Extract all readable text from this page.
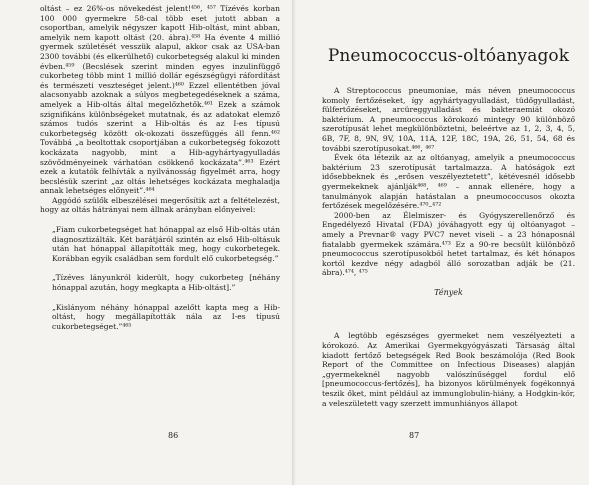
oltást – ez 26%-os növekedést jelent!⁴⁵⁶, ⁴⁵⁷ Tízévés korban 100 000 gyermekre 58-cal több eset jutott abban a csoportban, amelyik négyszer kapott Hib-oltást, mint abban, amelyik nem kapott oltást (20. ábra).⁴⁵⁸ Ha évente 4 millió gyermek születését vesszük alapul, akkor csak az USA-ban 2300 további (és elkerülhető) cukorbetegség alakul ki minden évben.⁴⁵⁹ (Becslések szerint minden egyes inzulinfüggő cukorbeteg több mint 1 millió dollár egészségügyi ráfordítást és természeti veszteséget jelent.)⁴⁶⁰ Ezzel ellentétben jóval alacsonyabb azoknak a súlyos megbetegedéseknek a száma, amelyek a Hib-oltás által megelőzhetők.⁴⁶¹ Ezek a számok szignifikáns különbségeket mutatnak, és az adatokat elemző számos tudós szerint a Hib-oltás és az I-es típusú cukorbetegség között ok-okozati összefüggés áll fenn.⁴⁶² Továbbá „a beoltottak csoportjában a cukorbetegség fokozott kockázata nagyobb, mint a Hib-agyhártyagyulladás szövődményeinek várhatóan csökkenő kockázata”.⁴⁶³ Ezért ezek a kutatók felhívták a nyilvánosság figyelmét arra, hogy becslésük szerint „az oltás lehetséges kockázata meghaladja annak lehetséges előnyeit”.⁴⁶⁴

Aggódó szülők elbeszélései megerősítik azt a feltételezést, hogy az oltás hátrányai nem állnak arányban előnyeivel:

„Fiam cukorbetegséget hat hónappal az első Hib-oltás után diagnosztizálták. Két barátjáról szintén az első Hib-oltásuk után hat hónappal állapították meg, hogy cukorbetegek. Korábban egyik családban sem fordult elő cukorbetegség.”

„Tízéves lányunkról kiderült, hogy cukorbeteg [néhány hónappal azután, hogy megkapta a Hib-oltást].”

„Kislányom néhány hónappal azelőtt kapta meg a Hib-oltást, hogy megállapították nála az I-es típusú cukorbetegséget.”⁴⁶⁵

86
Pneumococcus-oltóanyagok

A Streptococcus pneumoniae, más néven pneumococcus komoly fertőzéseket, így agyhártyagyulladást, tüdőgyulladást, fülfertőzéseket, arcüreggyulladást és bakteraemiát okozó baktérium. A pneumococcus körokozó mintegy 90 különböző szerotípusát lehet megkülönböztetni, beleértve az 1, 2, 3, 4, 5, 6B, 7F, 8, 9N, 9V, 10A, 11A, 12F, 18C, 19A, 26, 51, 54, 68 és további szerotípusokat.⁴⁶⁶, ⁴⁶⁷

Évek óta létezik az az oltóanyag, amelyik a pneumococcus baktérium 23 szerotípusát tartalmazza. A hatóságok ezt idősebbeknek és „erősen veszélyeztetett”, kétévesnél idősebb gyermekeknek ajánlják⁴⁶⁸, ⁴⁶⁹ – annak ellenére, hogy a tanulmányok alapján hatástalan a pneumococcusos okozta fertőzések megelőzésére.⁴⁷⁰–⁴⁷²

2000-ben az Élelmiszer- és Gyógyszerellenőrző és Engedélyező Hivatal (FDA) jóváhagyott egy új oltóanyagot – amely a Prevnar® vagy PVC7 nevet viseli – a 23 hónaposnál fiatalabb gyermekek számára.⁴⁷³ Ez a 90-re becsült különböző pneumococcus szerotípusokból hetet tartalmaz, és két hónapos kortól kezdve négy adagból álló sorozatban adják be (21. ábra).⁴⁷⁴, ⁴⁷⁵

Tények

A legtöbb egészséges gyermeket nem veszélyezteti a kórokozó. Az Amerikai Gyermekgyógyászati Társaság által kiadott fertőző betegségek Red Book beszámolója (Red Book Report of the Committee on Infectious Diseases) alapján „gyermekeknél nagyobb valószínűséggel fordul elő [pneumococcus-fertőzés], ha bizonyos körülmények fogékonnyá teszik őket, mint például az immunglobulin-hiány, a Hodgkin-kór, a veleszületett vagy szerzett immunhiányos állapot

87
